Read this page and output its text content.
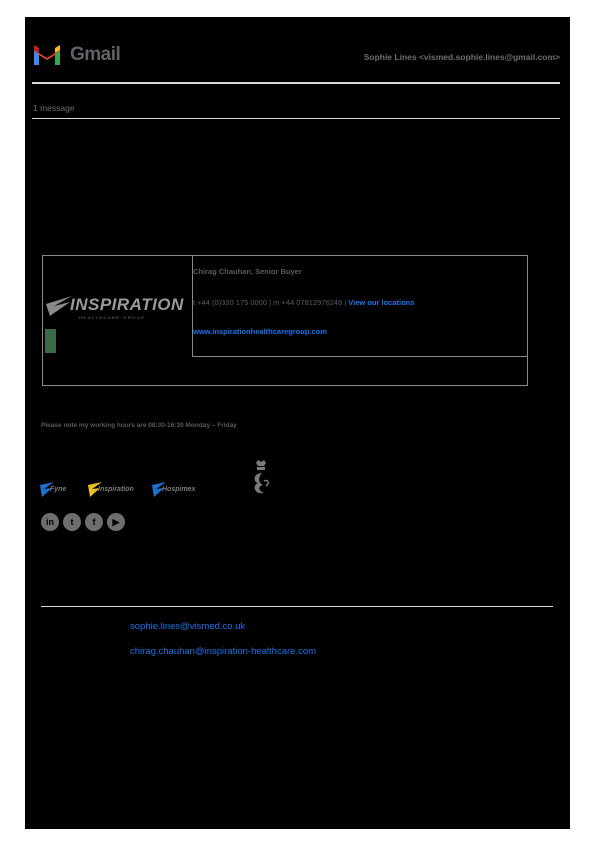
Gmail	Sophie Lines <vismed.sophie.lines@gmail.com>
1 message
INSPIRATION
HEALTHCARE GROUP
Chirag Chauhan, Senior Buyer
t +44 (0)330 175 0000 | m +44 07812976248 | View our locations
www.inspirationhealthcaregroup.com
Please note my working hours are 08:30-16:30 Monday – Friday
Fyne	Inspiration	Hospimex
in	t	f	▶
sophie.lines@vismed.co.uk
chirag.chauhan@inspiration-healthcare.com
